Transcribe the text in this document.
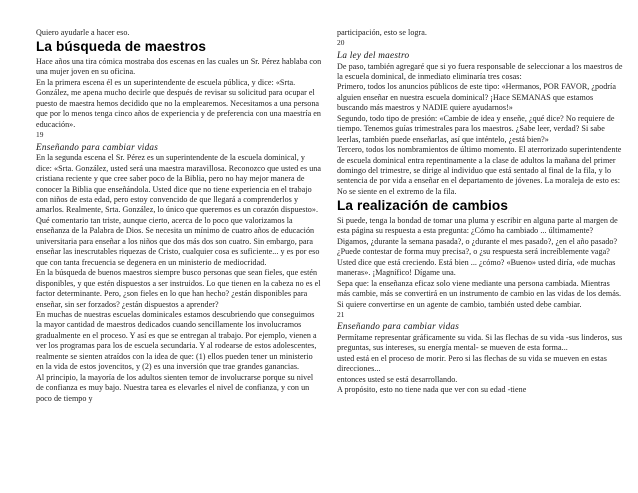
Quiero ayudarle a hacer eso.

La búsqueda de maestros

Hace años una tira cómica mostraba dos escenas en las cuales un Sr. Pérez hablaba con una mujer joven en su oficina.

En la primera escena él es un superintendente de escuela pública, y dice: «Srta. González, me apena mucho decirle que después de revisar su solicitud para ocupar el puesto de maestra hemos decidido que no la emplearemos. Necesitamos a una persona que por lo menos tenga cinco años de experiencia y de preferencia con una maestría en educación».

19

Enseñando para cambiar vidas

En la segunda escena el Sr. Pérez es un superintendente de la escuela dominical, y dice: «Srta. González, usted será una maestra maravillosa. Reconozco que usted es una cristiana reciente y que cree saber poco de la Biblia, pero no hay mejor manera de conocer la Biblia que enseñándola. Usted dice que no tiene experiencia en el trabajo con niños de esta edad, pero estoy convencido de que llegará a comprenderlos y amarlos. Realmente, Srta. González, lo único que queremos es un corazón dispuesto».

Qué comentario tan triste, aunque cierto, acerca de lo poco que valorizamos la enseñanza de la Palabra de Dios. Se necesita un mínimo de cuatro años de educación universitaria para enseñar a los niños que dos más dos son cuatro. Sin embargo, para enseñar las inescrutables riquezas de Cristo, cualquier cosa es suficiente... y es por eso que con tanta frecuencia se degenera en un ministerio de mediocridad.

En la búsqueda de buenos maestros siempre busco personas que sean fieles, que estén disponibles, y que estén dispuestos a ser instruidos. Lo que tienen en la cabeza no es el factor determinante. Pero, ¿son fieles en lo que han hecho? ¿están disponibles para enseñar, sin ser forzados? ¿están dispuestos a aprender?

En muchas de nuestras escuelas dominicales estamos descubriendo que conseguimos la mayor cantidad de maestros dedicados cuando sencillamente los involucramos gradualmente en el proceso. Y así es que se entregan al trabajo. Por ejemplo, vienen a ver los programas para los de escuela secundaria. Y al rodearse de estos adolescentes, realmente se sienten atraídos con la idea de que: (1) ellos pueden tener un ministerio en la vida de estos jovencitos, y (2) es una inversión que trae grandes ganancias.

Al principio, la mayoría de los adultos sienten temor de involucrarse porque su nivel de confianza es muy bajo. Nuestra tarea es elevarles el nivel de confianza, y con un poco de tiempo y

participación, esto se logra.

20

La ley del maestro

De paso, también agregaré que si yo fuera responsable de seleccionar a los maestros de la escuela dominical, de inmediato eliminaría tres cosas:

Primero, todos los anuncios públicos de este tipo: «Hermanos, POR FAVOR, ¿podría alguien enseñar en nuestra escuela dominical? ¡Hace SEMANAS que estamos buscando más maestros y NADIE quiere ayudarnos!»

Segundo, todo tipo de presión: «Cambie de idea y enseñe, ¿qué dice? No requiere de tiempo. Tenemos guías trimestrales para los maestros. ¿Sabe leer, verdad? Si sabe leerlas, también puede enseñarlas, así que inténtelo, ¿está bien?»

Tercero, todos los nombramientos de último momento. El aterrorizado superintendente de escuela dominical entra repentinamente a la clase de adultos la mañana del primer domingo del trimestre, se dirige al individuo que está sentado al final de la fila, y lo sentencia de por vida a enseñar en el departamento de jóvenes. La moraleja de esto es: No se siente en el extremo de la fila.

La realización de cambios

Si puede, tenga la bondad de tomar una pluma y escribir en alguna parte al margen de esta página su respuesta a esta pregunta: ¿Cómo ha cambiado ... últimamente? Digamos, ¿durante la semana pasada?, o ¿durante el mes pasado?, ¿en el año pasado? ¿Puede contestar de forma muy precisa?, o ¿su respuesta será increíblemente vaga?

Usted dice que está creciendo. Está bien ... ¿cómo? «Bueno» usted diría, «de muchas maneras». ¡Magnífico! Dígame una.

Sepa que: la enseñanza eficaz solo viene mediante una persona cambiada. Mientras más cambie, más se convertirá en un instrumento de cambio en las vidas de los demás.

Si quiere convertirse en un agente de cambio, también usted debe cambiar.

21

Enseñando para cambiar vidas

Permítame representar gráficamente su vida. Si las flechas de su vida -sus linderos, sus preguntas, sus intereses, su energía mental- se mueven de esta forma...

usted está en el proceso de morir. Pero si las flechas de su vida se mueven en estas direcciones...

entonces usted se está desarrollando.

A propósito, esto no tiene nada que ver con su edad -tiene
